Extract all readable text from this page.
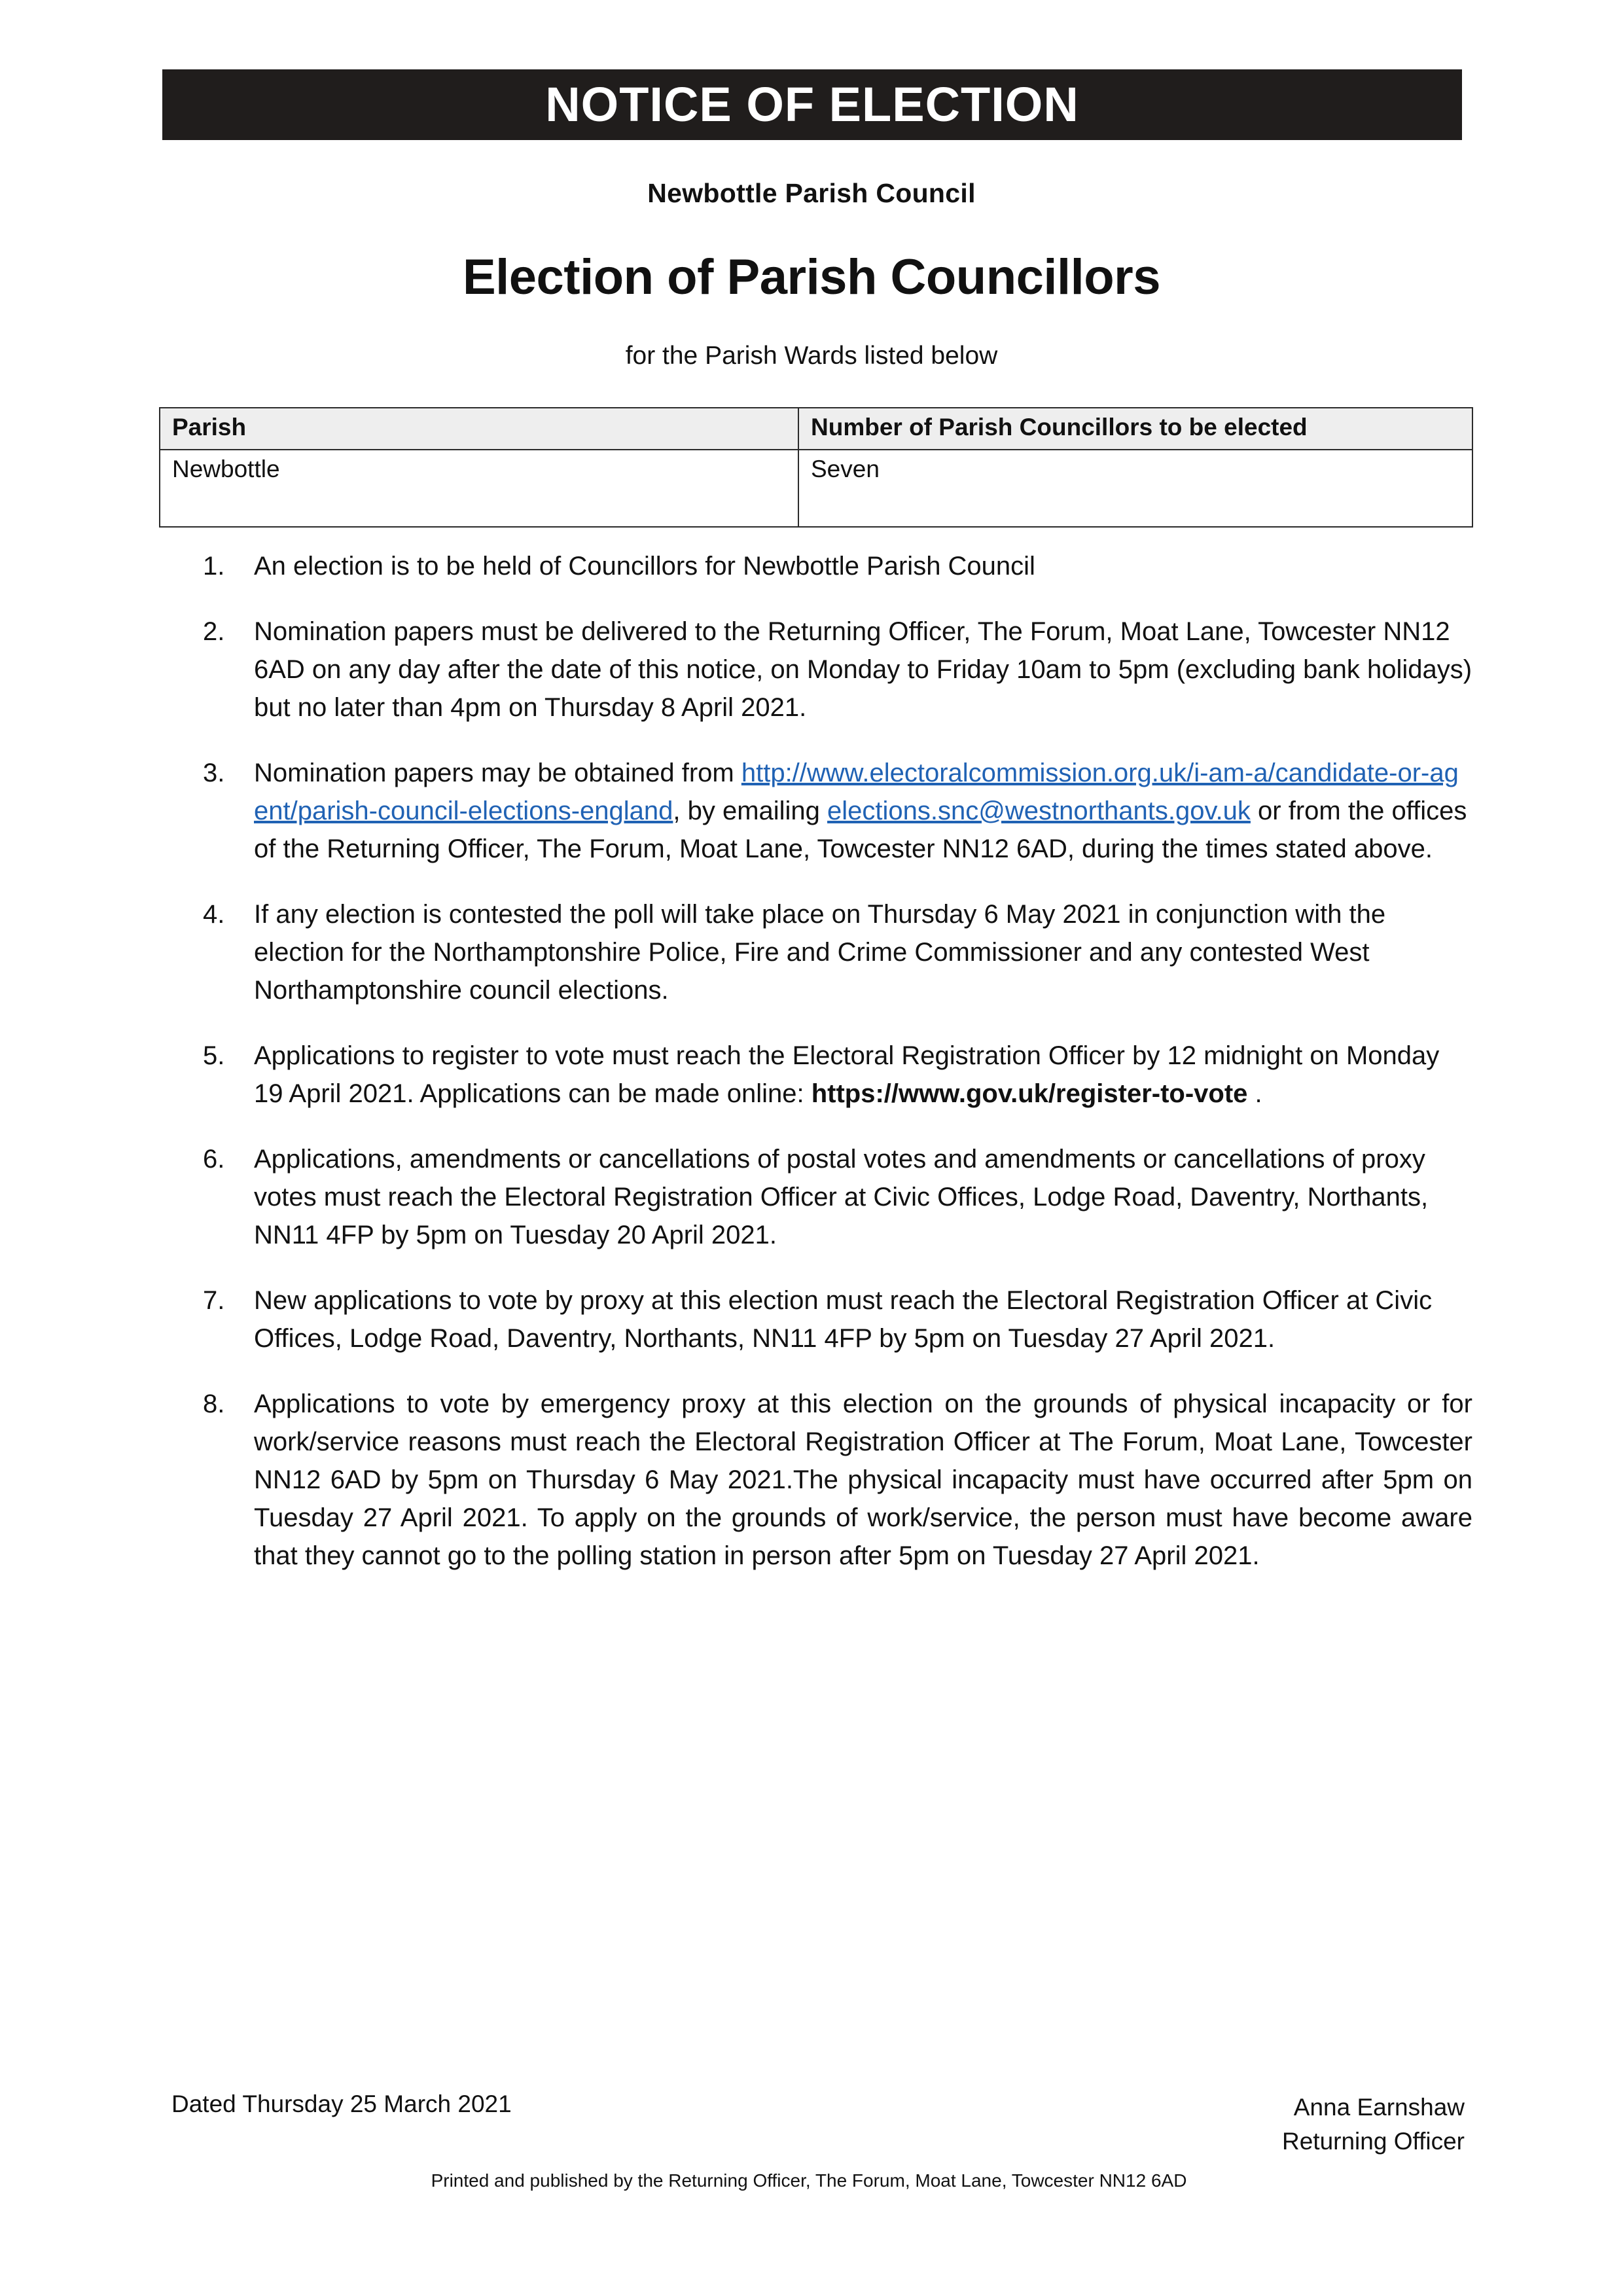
NOTICE OF ELECTION
Newbottle Parish Council
Election of Parish Councillors
for the Parish Wards listed below
Parish	Number of Parish Councillors to be elected
Newbottle	Seven
1.	An election is to be held of Councillors for Newbottle Parish Council
2.	Nomination papers must be delivered to the Returning Officer, The Forum, Moat Lane, Towcester NN12 6AD on any day after the date of this notice, on Monday to Friday 10am to 5pm (excluding bank holidays) but no later than 4pm on Thursday 8 April 2021.
3.	Nomination papers may be obtained from http://www.electoralcommission.org.uk/i-am-a/candidate-or-agent/parish-council-elections-england, by emailing elections.snc@westnorthants.gov.uk or from the offices of the Returning Officer, The Forum, Moat Lane, Towcester NN12 6AD, during the times stated above.
4.	If any election is contested the poll will take place on Thursday 6 May 2021 in conjunction with the election for the Northamptonshire Police, Fire and Crime Commissioner and any contested West Northamptonshire council elections.
5.	Applications to register to vote must reach the Electoral Registration Officer by 12 midnight on Monday 19 April 2021. Applications can be made online: https://www.gov.uk/register-to-vote .
6.	Applications, amendments or cancellations of postal votes and amendments or cancellations of proxy votes must reach the Electoral Registration Officer at Civic Offices, Lodge Road, Daventry, Northants, NN11 4FP by 5pm on Tuesday 20 April 2021.
7.	New applications to vote by proxy at this election must reach the Electoral Registration Officer at Civic Offices, Lodge Road, Daventry, Northants, NN11 4FP by 5pm on Tuesday 27 April 2021.
8.	Applications to vote by emergency proxy at this election on the grounds of physical incapacity or for work/service reasons must reach the Electoral Registration Officer at The Forum, Moat Lane, Towcester NN12 6AD by 5pm on Thursday 6 May 2021.The physical incapacity must have occurred after 5pm on Tuesday 27 April 2021. To apply on the grounds of work/service, the person must have become aware that they cannot go to the polling station in person after 5pm on Tuesday 27 April 2021.
Dated Thursday 25 March 2021	Anna Earnshaw
Returning Officer
Printed and published by the Returning Officer, The Forum, Moat Lane, Towcester NN12 6AD
